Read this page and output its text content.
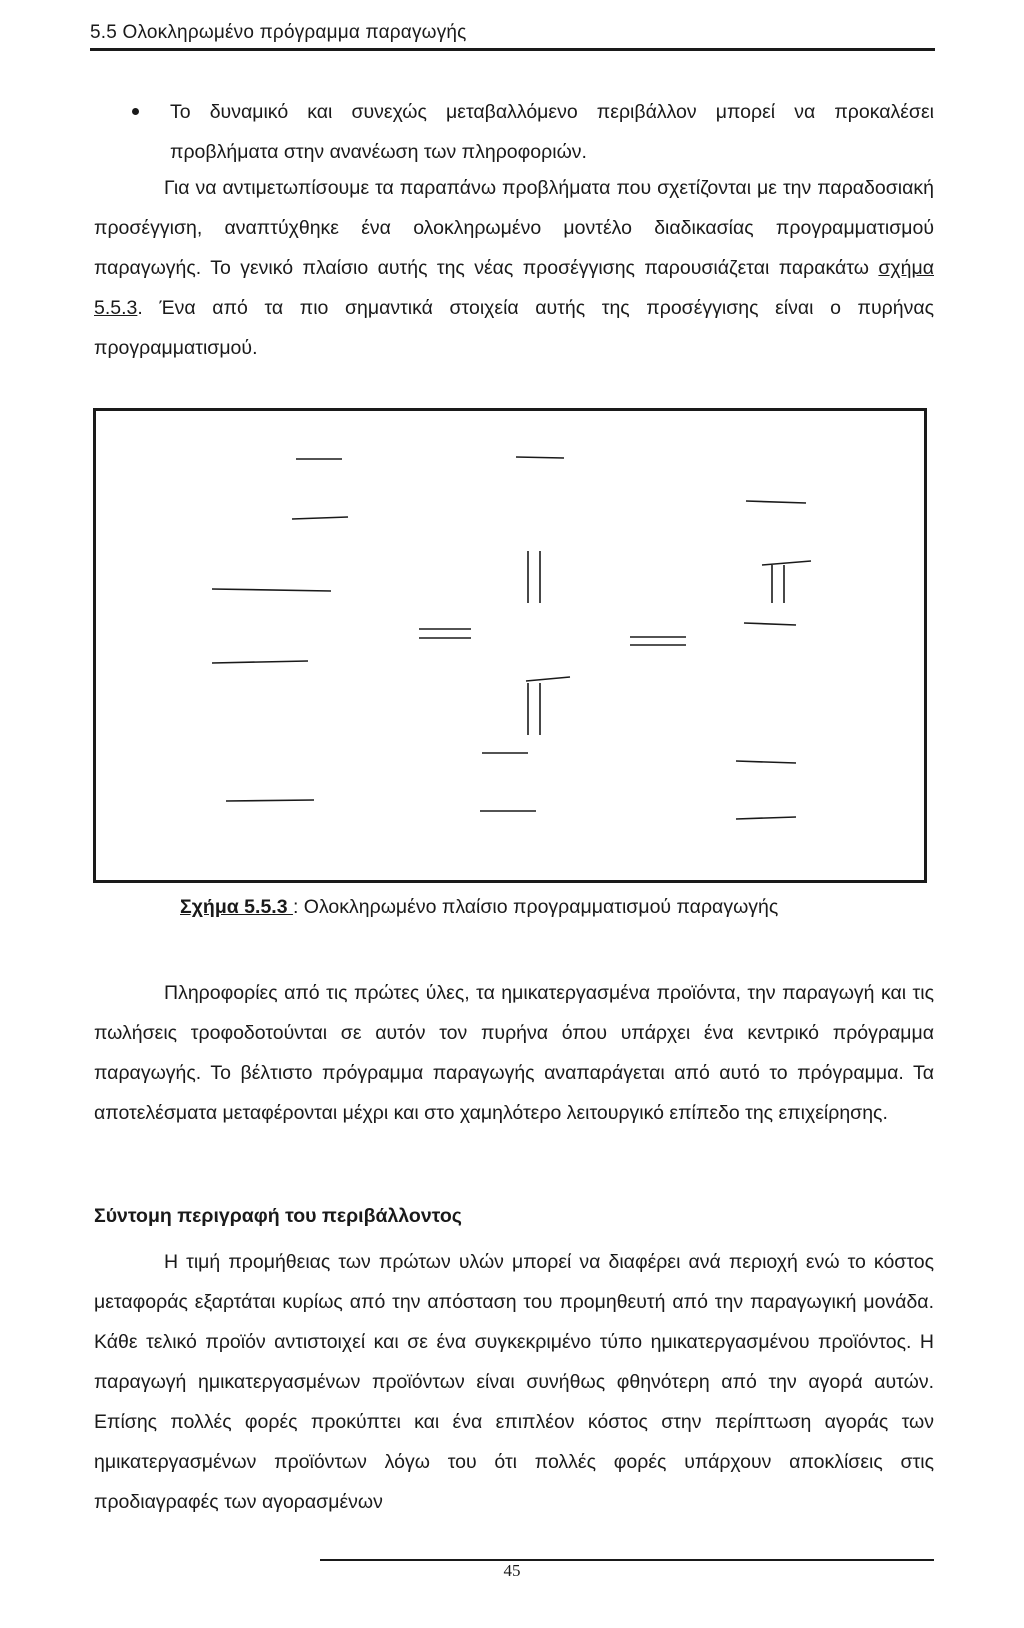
5.5 Ολοκληρωμένο πρόγραμμα παραγωγής
Το δυναμικό και συνεχώς μεταβαλλόμενο περιβάλλον μπορεί να προκαλέσει προβλήματα στην ανανέωση των πληροφοριών.
Για να αντιμετωπίσουμε τα παραπάνω προβλήματα που σχετίζονται με την παραδοσιακή προσέγγιση, αναπτύχθηκε ένα ολοκληρωμένο μοντέλο διαδικασίας προγραμματισμού παραγωγής. Το γενικό πλαίσιο αυτής της νέας προσέγγισης παρουσιάζεται παρακάτω σχήμα 5.5.3. Ένα από τα πιο σημαντικά στοιχεία αυτής της προσέγγισης είναι ο πυρήνας προγραμματισμού.
Σχήμα 5.5.3 : Ολοκληρωμένο πλαίσιο προγραμματισμού παραγωγής
Πληροφορίες από τις πρώτες ύλες, τα ημικατεργασμένα προϊόντα, την παραγωγή και τις πωλήσεις τροφοδοτούνται σε αυτόν τον πυρήνα όπου υπάρχει ένα κεντρικό πρόγραμμα παραγωγής. Το βέλτιστο πρόγραμμα παραγωγής αναπαράγεται από αυτό το πρόγραμμα. Τα αποτελέσματα μεταφέρονται μέχρι και στο χαμηλότερο λειτουργικό επίπεδο της επιχείρησης.
Σύντομη περιγραφή του περιβάλλοντος
Η τιμή προμήθειας των πρώτων υλών μπορεί να διαφέρει ανά περιοχή ενώ το κόστος μεταφοράς εξαρτάται κυρίως από την απόσταση του προμηθευτή από την παραγωγική μονάδα. Κάθε τελικό προϊόν αντιστοιχεί και σε ένα συγκεκριμένο τύπο ημικατεργασμένου προϊόντος. Η παραγωγή ημικατεργασμένων προϊόντων είναι συνήθως φθηνότερη από την αγορά αυτών. Επίσης πολλές φορές προκύπτει και ένα επιπλέον κόστος στην περίπτωση αγοράς των ημικατεργασμένων προϊόντων λόγω του ότι πολλές φορές υπάρχουν αποκλίσεις στις προδιαγραφές των αγορασμένων
45
